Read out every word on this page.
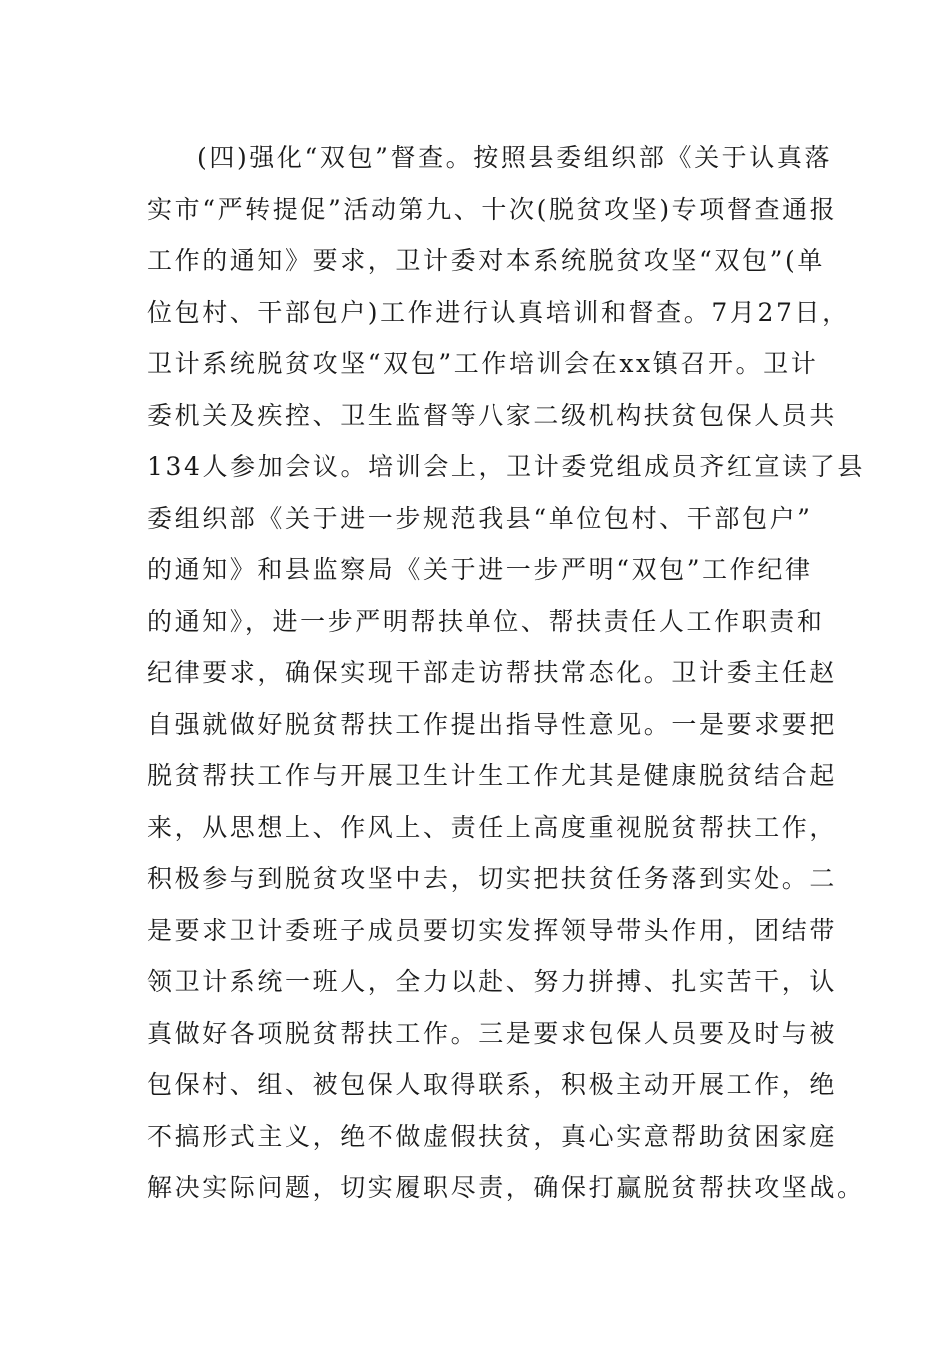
(四)强化“双包”督查。按照县委组织部《关于认真落
实市“严转提促”活动第九、十次(脱贫攻坚)专项督查通报
工作的通知》要求，卫计委对本系统脱贫攻坚“双包”(单
位包村、干部包户)工作进行认真培训和督查。7月27日，
卫计系统脱贫攻坚“双包”工作培训会在xx镇召开。卫计
委机关及疾控、卫生监督等八家二级机构扶贫包保人员共
134人参加会议。培训会上，卫计委党组成员齐红宣读了县
委组织部《关于进一步规范我县“单位包村、干部包户”
的通知》和县监察局《关于进一步严明“双包”工作纪律
的通知》，进一步严明帮扶单位、帮扶责任人工作职责和
纪律要求，确保实现干部走访帮扶常态化。卫计委主任赵
自强就做好脱贫帮扶工作提出指导性意见。一是要求要把
脱贫帮扶工作与开展卫生计生工作尤其是健康脱贫结合起
来，从思想上、作风上、责任上高度重视脱贫帮扶工作，
积极参与到脱贫攻坚中去，切实把扶贫任务落到实处。二
是要求卫计委班子成员要切实发挥领导带头作用，团结带
领卫计系统一班人，全力以赴、努力拼搏、扎实苦干，认
真做好各项脱贫帮扶工作。三是要求包保人员要及时与被
包保村、组、被包保人取得联系，积极主动开展工作，绝
不搞形式主义，绝不做虚假扶贫，真心实意帮助贫困家庭
解决实际问题，切实履职尽责，确保打赢脱贫帮扶攻坚战。
